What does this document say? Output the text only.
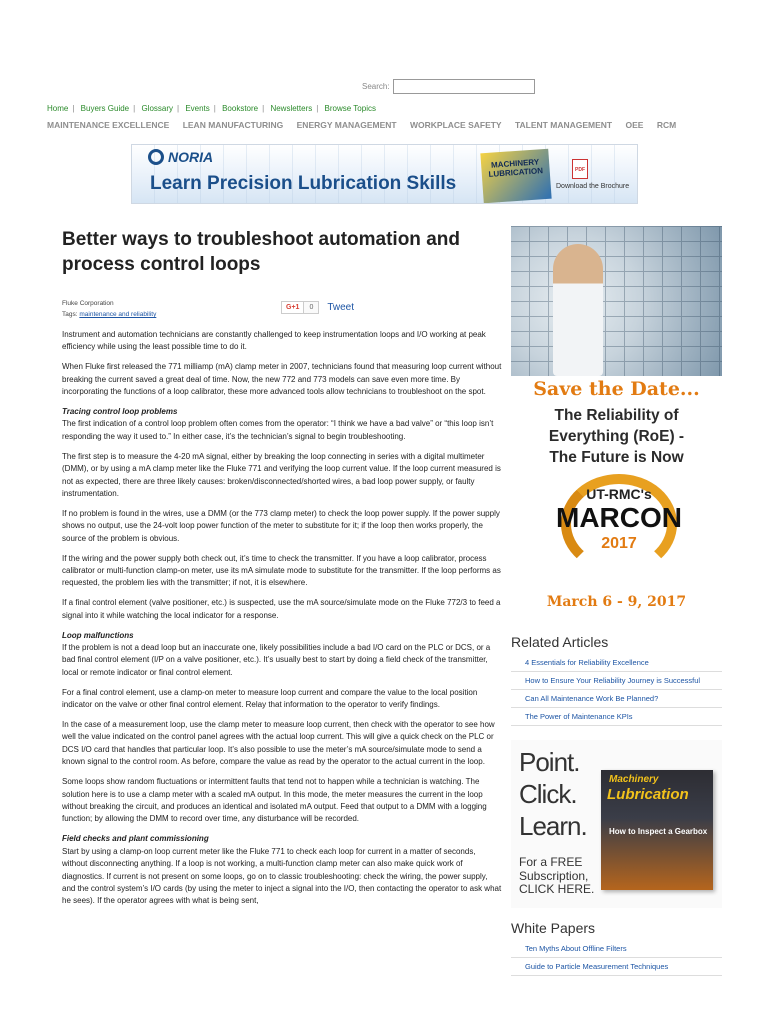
Search:
Home | Buyers Guide | Glossary | Events | Bookstore | Newsletters | Browse Topics
MAINTENANCE EXCELLENCE LEAN MANUFACTURING ENERGY MANAGEMENT WORKPLACE SAFETY TALENT MANAGEMENT OEE RCM
NORIA
Learn Precision Lubrication Skills
MACHINERY LUBRICATION	PDF
Download the Brochure
Better ways to troubleshoot automation and process control loops
Fluke Corporation
Tags: maintenance and reliability
G+1	0	Tweet

Instrument and automation technicians are constantly challenged to keep instrumentation loops and I/O working at peak efficiency while using the least possible time to do it.

When Fluke first released the 771 milliamp (mA) clamp meter in 2007, technicians found that measuring loop current without breaking the current saved a great deal of time. Now, the new 772 and 773 models can save even more time. By incorporating the functions of a loop calibrator, these more advanced tools allow technicians to troubleshoot on the spot.

Tracing control loop problems
The first indication of a control loop problem often comes from the operator: “I think we have a bad valve” or “this loop isn’t responding the way it used to.” In either case, it’s the technician’s signal to begin troubleshooting.

The first step is to measure the 4-20 mA signal, either by breaking the loop connecting in series with a digital multimeter (DMM), or by using a mA clamp meter like the Fluke 771 and verifying the loop current value. If the loop current measured is not as expected, there are three likely causes: broken/disconnected/shorted wires, a bad loop power supply, or faulty instrumentation.

If no problem is found in the wires, use a DMM (or the 773 clamp meter) to check the loop power supply. If the power supply shows no output, use the 24-volt loop power function of the meter to substitute for it; if the loop then works properly, the source of the problem is obvious.

If the wiring and the power supply both check out, it’s time to check the transmitter. If you have a loop calibrator, process calibrator or multi-function clamp-on meter, use its mA simulate mode to substitute for the transmitter. If the loop performs as requested, the problem lies with the transmitter; if not, it is elsewhere.

If a final control element (valve positioner, etc.) is suspected, use the mA source/simulate mode on the Fluke 772/3 to feed a signal into it while watching the local indicator for a response.

Loop malfunctions
If the problem is not a dead loop but an inaccurate one, likely possibilities include a bad I/O card on the PLC or DCS, or a bad final control element (I/P on a valve positioner, etc.). It’s usually best to start by doing a field check of the transmitter, local or remote indicator or final control element.

For a final control element, use a clamp-on meter to measure loop current and compare the value to the local position indicator on the valve or other final control element. Relay that information to the operator to verify findings.

In the case of a measurement loop, use the clamp meter to measure loop current, then check with the operator to see how well the value indicated on the control panel agrees with the actual loop current. This will give a quick check on the PLC or DCS I/O card that handles that particular loop. It’s also possible to use the meter’s mA source/simulate mode to send a known signal to the control room. As before, compare the value as read by the operator to the actual current in the loop.

Some loops show random fluctuations or intermittent faults that tend not to happen while a technician is watching. The solution here is to use a clamp meter with a scaled mA output. In this mode, the meter measures the current in the loop without breaking the circuit, and produces an identical and isolated mA output. Feed that output to a DMM with a logging function; by allowing the DMM to record over time, any disturbance will be recorded.

Field checks and plant commissioning
Start by using a clamp-on loop current meter like the Fluke 771 to check each loop for current in a matter of seconds, without disconnecting anything. If a loop is not working, a multi-function clamp meter can also make quick work of diagnostics. If current is not present on some loops, go on to classic troubleshooting: check the wiring, the power supply, and the control system’s I/O cards (by using the meter to inject a signal into the I/O, then contacting the operator to ask what he sees). If the operator agrees with what is being sent,
Save the Date...
The Reliability of
Everything (RoE) -
The Future is Now
UT-RMC's
MARCON
2017
March 6 - 9, 2017
Related Articles
4 Essentials for Reliability Excellence
How to Ensure Your Reliability Journey is Successful
Can All Maintenance Work Be Planned?
The Power of Maintenance KPIs
Point.
Click.
Learn.
Machinery
Lubrication
How to Inspect a Gearbox
For a FREE
Subscription,
CLICK HERE.
White Papers
Ten Myths About Offline Filters
Guide to Particle Measurement Techniques
